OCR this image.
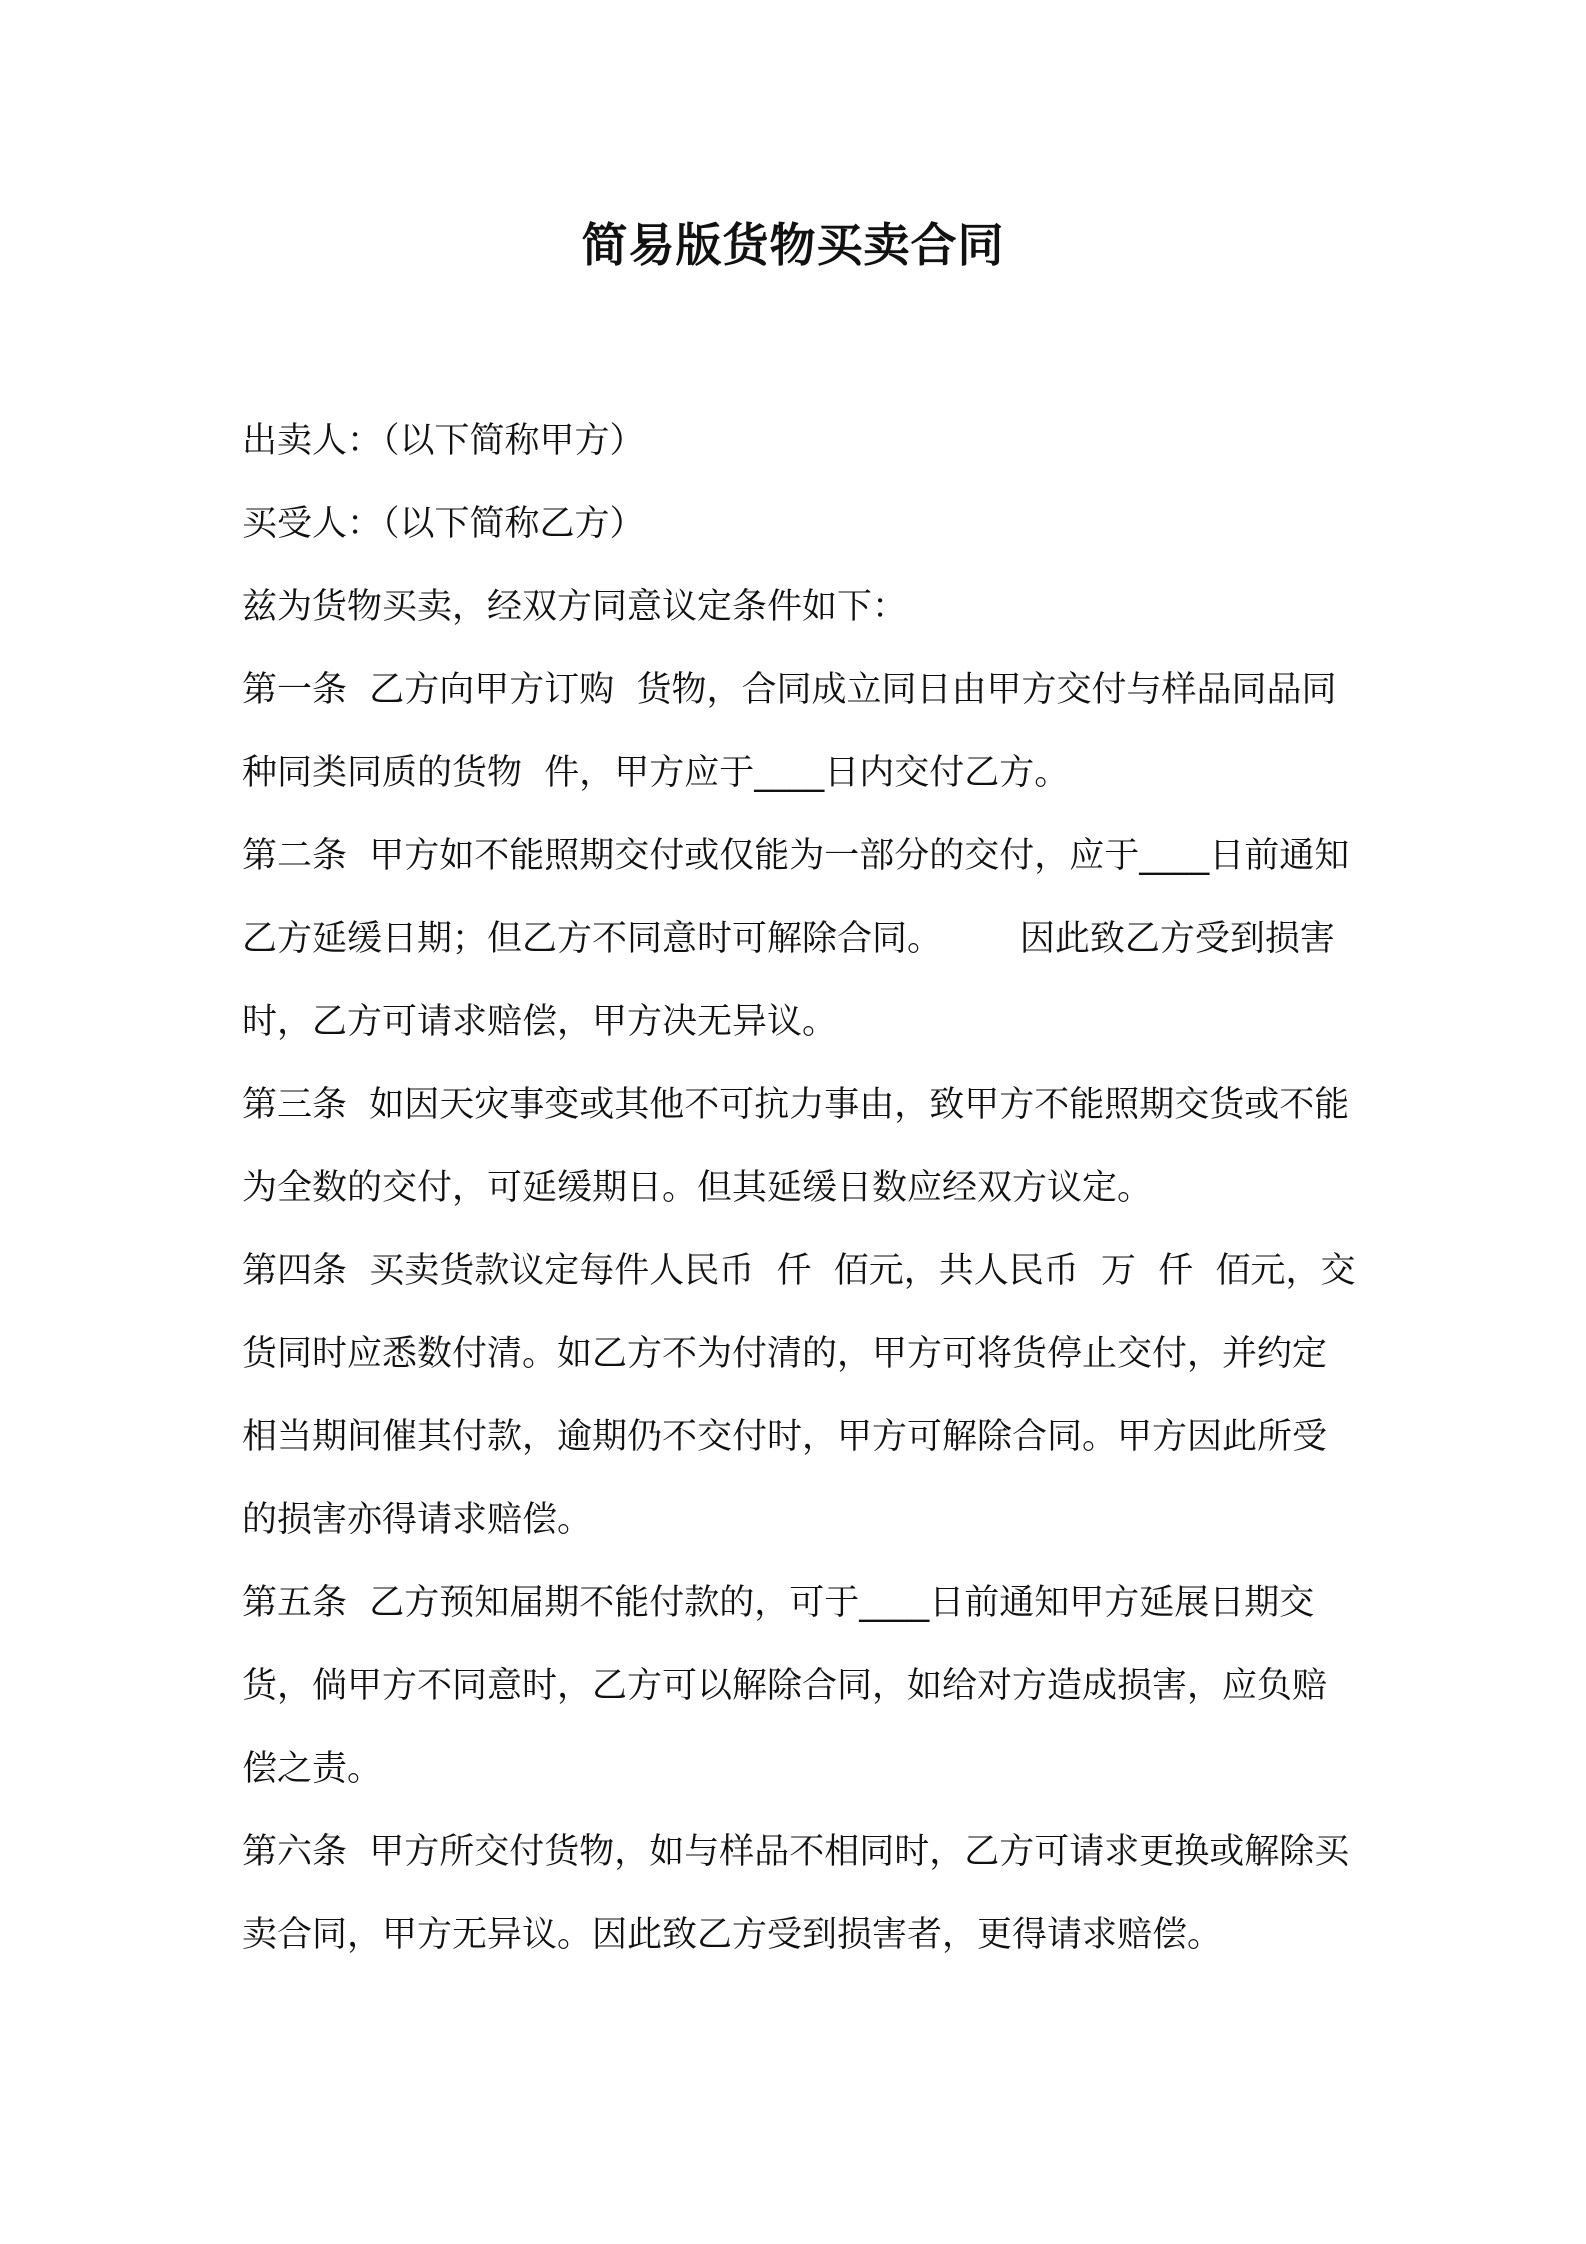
简易版货物买卖合同

出卖人：（以下简称甲方）

买受人：（以下简称乙方）

兹为货物买卖，经双方同意议定条件如下：

第一条  乙方向甲方订购  货物，合同成立同日由甲方交付与样品同品同种同类同质的货物  件，甲方应于____日内交付乙方。

第二条  甲方如不能照期交付或仅能为一部分的交付，应于____日前通知乙方延缓日期；但乙方不同意时可解除合同。       因此致乙方受到损害时，乙方可请求赔偿，甲方决无异议。

第三条  如因天灾事变或其他不可抗力事由，致甲方不能照期交货或不能为全数的交付，可延缓期日。但其延缓日数应经双方议定。

第四条  买卖货款议定每件人民币  仟  佰元，共人民币  万  仟  佰元，交货同时应悉数付清。如乙方不为付清的，甲方可将货停止交付，并约定相当期间催其付款，逾期仍不交付时，甲方可解除合同。甲方因此所受的损害亦得请求赔偿。

第五条  乙方预知届期不能付款的，可于____日前通知甲方延展日期交货，倘甲方不同意时，乙方可以解除合同，如给对方造成损害，应负赔偿之责。

第六条  甲方所交付货物，如与样品不相同时，乙方可请求更换或解除买卖合同，甲方无异议。因此致乙方受到损害者，更得请求赔偿。
